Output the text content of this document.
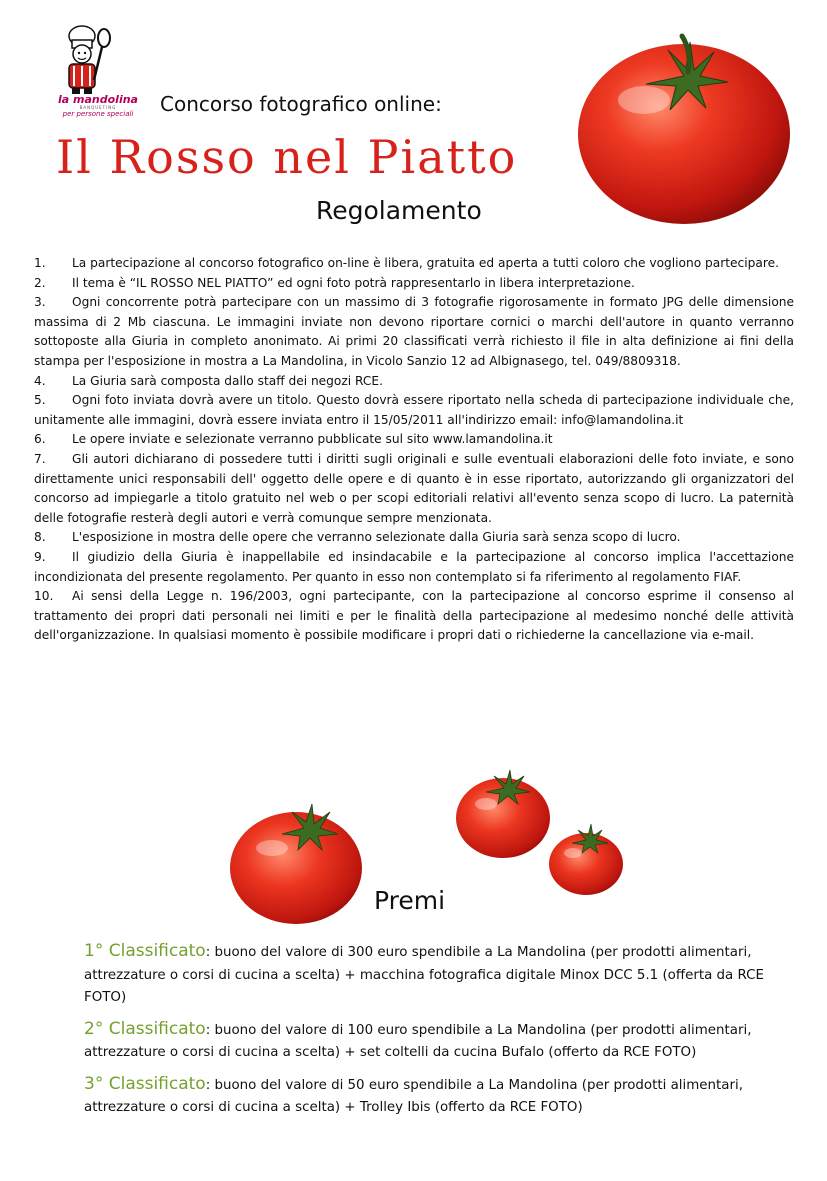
la mandolina
BANQUETING
per persone speciali	Concorso fotografico online:
Il Rosso nel Piatto
Regolamento

1. La partecipazione al concorso fotografico on-line è libera, gratuita ed aperta a tutti coloro che vogliono partecipare.

2. Il tema è “IL ROSSO NEL PIATTO” ed ogni foto potrà rappresentarlo in libera interpretazione.

3. Ogni concorrente potrà partecipare con un massimo di 3 fotografie rigorosamente in formato JPG delle dimensione massima di 2 Mb ciascuna. Le immagini inviate non devono riportare cornici o marchi dell'autore in quanto verranno sottoposte alla Giuria in completo anonimato. Ai primi 20 classificati verrà richiesto il file in alta definizione ai fini della stampa per l'esposizione in mostra a La Mandolina, in Vicolo Sanzio 12 ad Albignasego, tel. 049/8809318.

4. La Giuria sarà composta dallo staff dei negozi RCE.

5. Ogni foto inviata dovrà avere un titolo. Questo dovrà essere riportato nella scheda di partecipazione individuale che, unitamente alle immagini, dovrà essere inviata entro il 15/05/2011 all'indirizzo email: info@lamandolina.it

6. Le opere inviate e selezionate verranno pubblicate sul sito www.lamandolina.it

7. Gli autori dichiarano di possedere tutti i diritti sugli originali e sulle eventuali elaborazioni delle foto inviate, e sono direttamente unici responsabili dell' oggetto delle opere e di quanto è in esse riportato, autorizzando gli organizzatori del concorso ad impiegarle a titolo gratuito nel web o per scopi editoriali relativi all'evento senza scopo di lucro. La paternità delle fotografie resterà degli autori e verrà comunque sempre menzionata.

8. L'esposizione in mostra delle opere che verranno selezionate dalla Giuria sarà senza scopo di lucro.

9. Il giudizio della Giuria è inappellabile ed insindacabile e la partecipazione al concorso implica l'accettazione incondizionata del presente regolamento. Per quanto in esso non contemplato si fa riferimento al regolamento FIAF.

10. Ai sensi della Legge n. 196/2003, ogni partecipante, con la partecipazione al concorso esprime il consenso al trattamento dei propri dati personali nei limiti e per le finalità della partecipazione al medesimo nonché delle attività dell'organizzazione. In qualsiasi momento è possibile modificare i propri dati o richiederne la cancellazione via e-mail.

Premi

1° Classificato: buono del valore di 300 euro spendibile a La Mandolina (per prodotti alimentari, attrezzature o corsi di cucina a scelta) + macchina fotografica digitale Minox DCC 5.1 (offerta da RCE FOTO)

2° Classificato: buono del valore di 100 euro spendibile a La Mandolina (per prodotti alimentari, attrezzature o corsi di cucina a scelta) + set coltelli da cucina Bufalo (offerto da RCE FOTO)

3° Classificato: buono del valore di 50 euro spendibile a La Mandolina (per prodotti alimentari, attrezzature o corsi di cucina a scelta) + Trolley Ibis (offerto da RCE FOTO)
